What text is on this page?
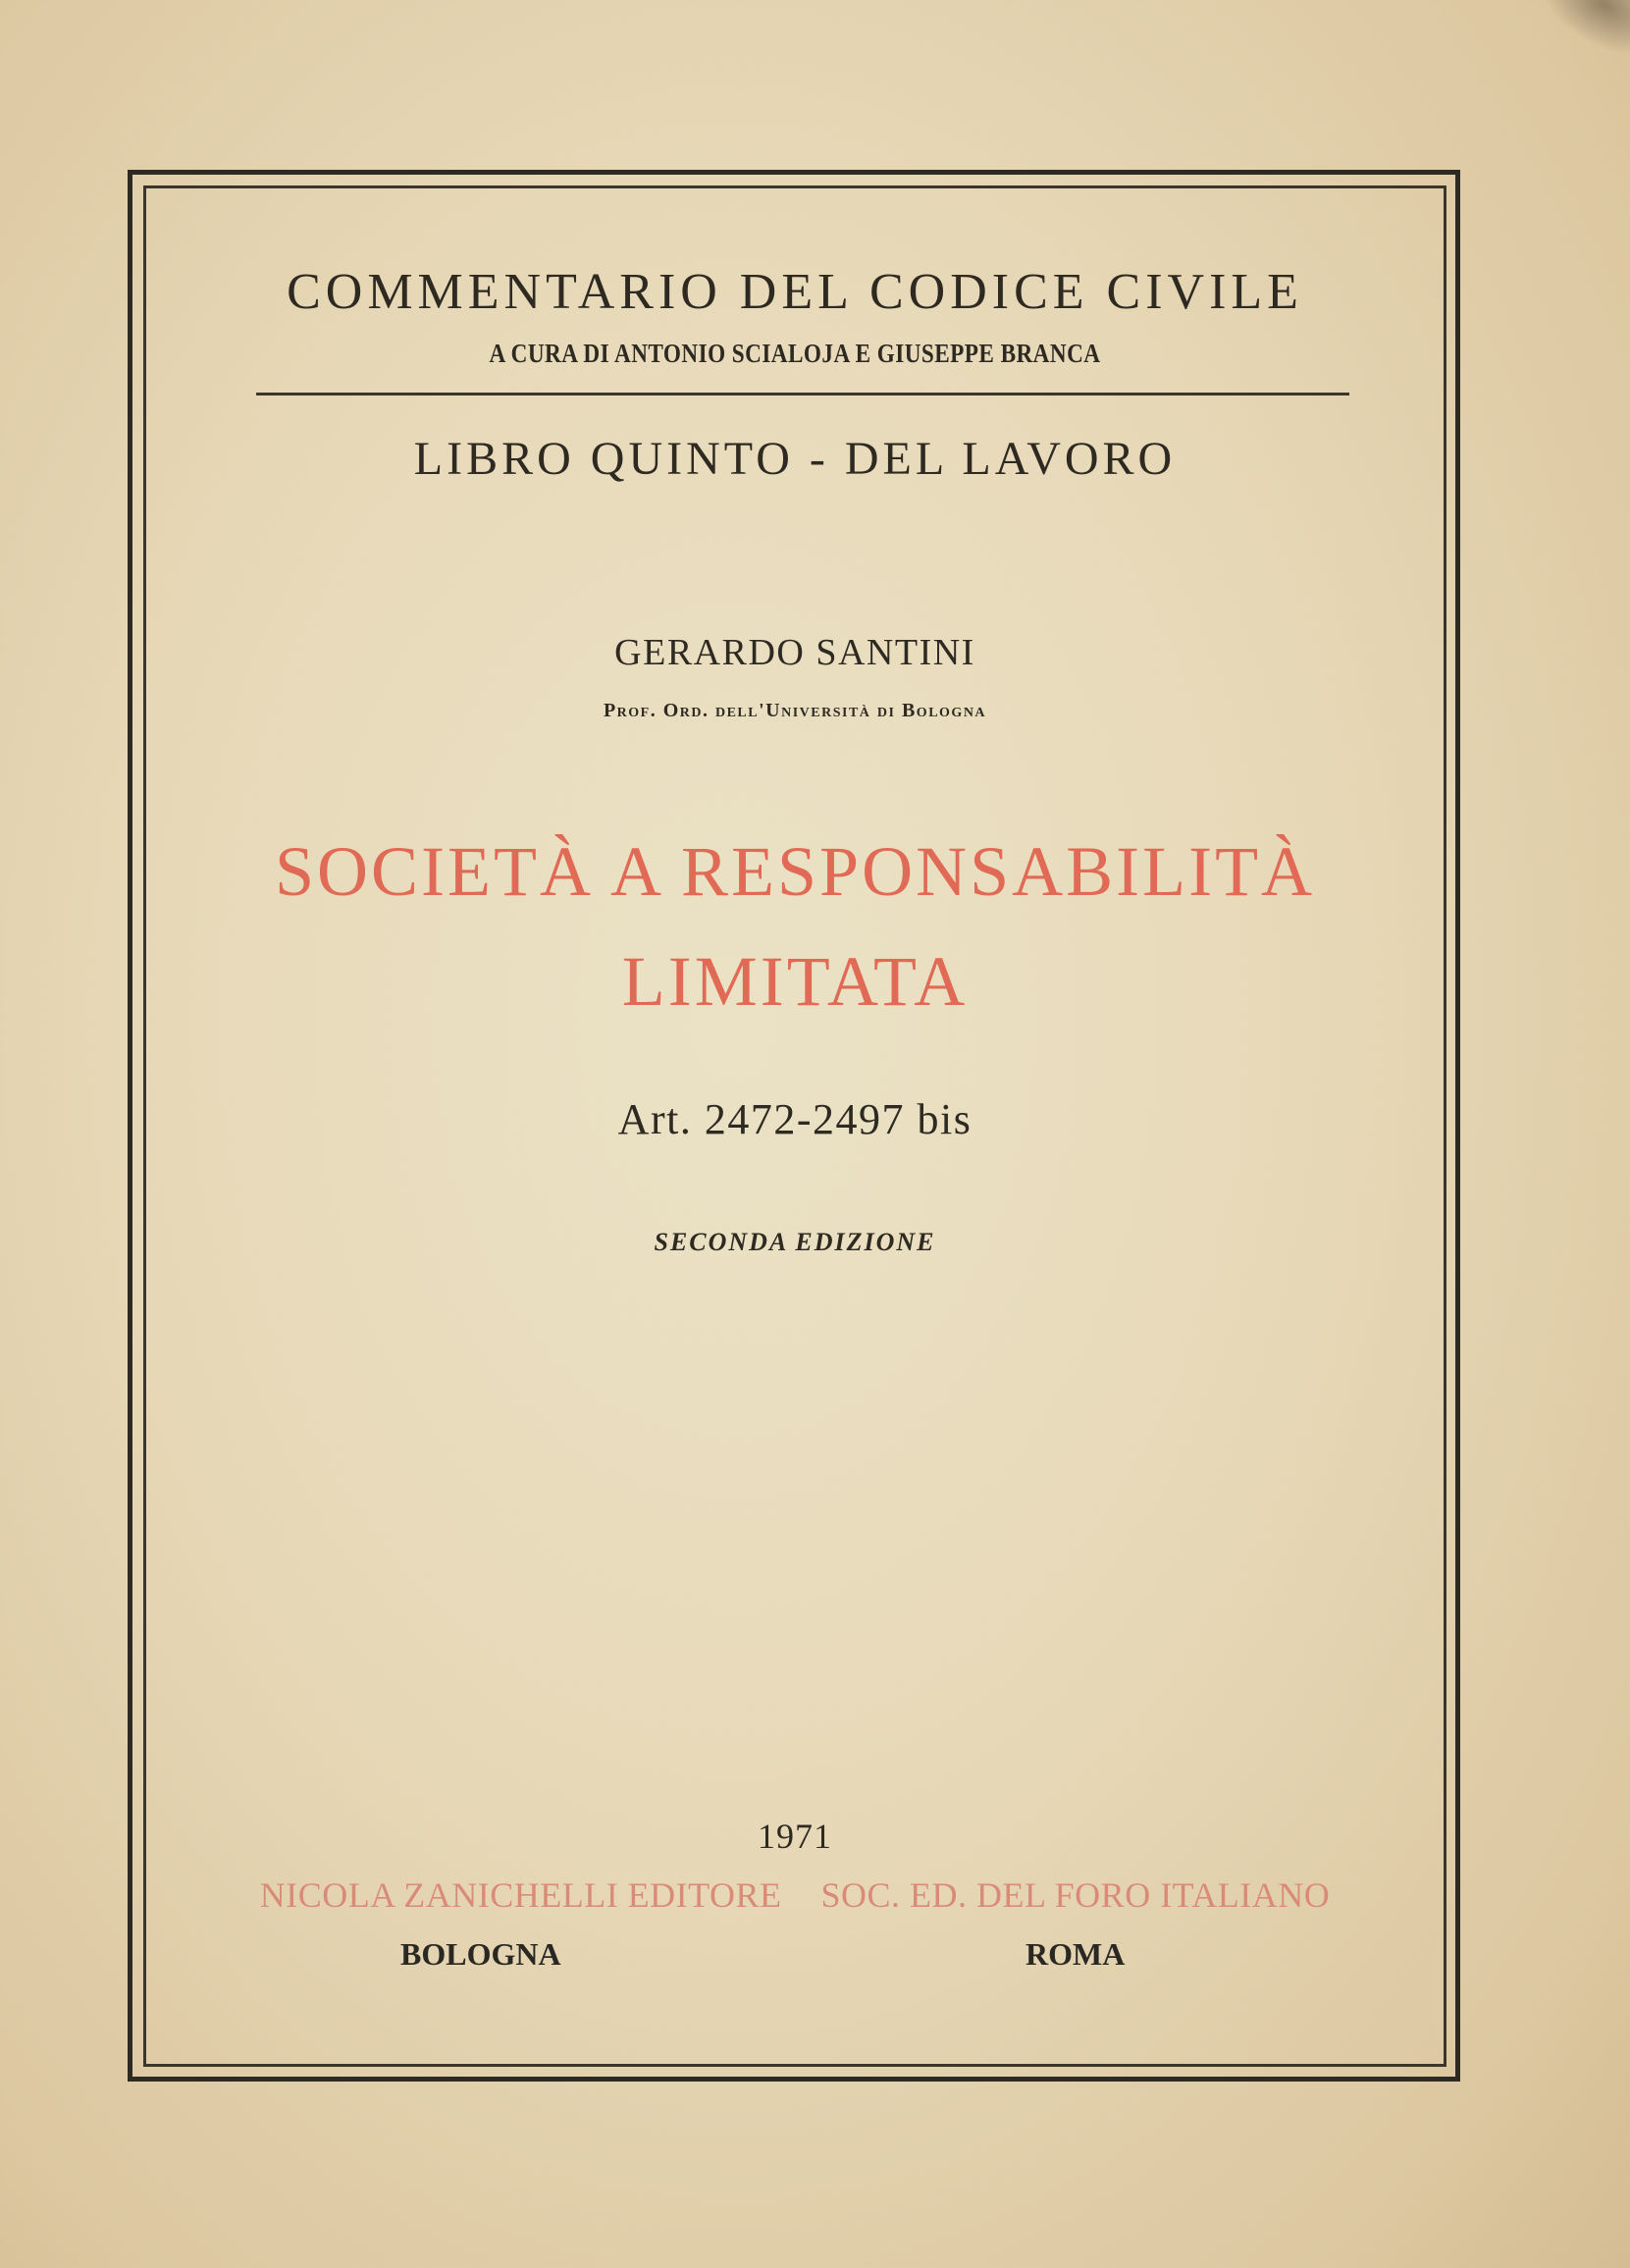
COMMENTARIO DEL CODICE CIVILE
A CURA DI ANTONIO SCIALOJA E GIUSEPPE BRANCA
LIBRO QUINTO - DEL LAVORO
GERARDO SANTINI
Prof. Ord. dell'Università di Bologna
SOCIETÀ A RESPONSABILITÀ
LIMITATA
Art. 2472-2497 bis
SECONDA EDIZIONE
1971
NICOLA ZANICHELLI EDITORE SOC. ED. DEL FORO ITALIANO
BOLOGNA	ROMA
